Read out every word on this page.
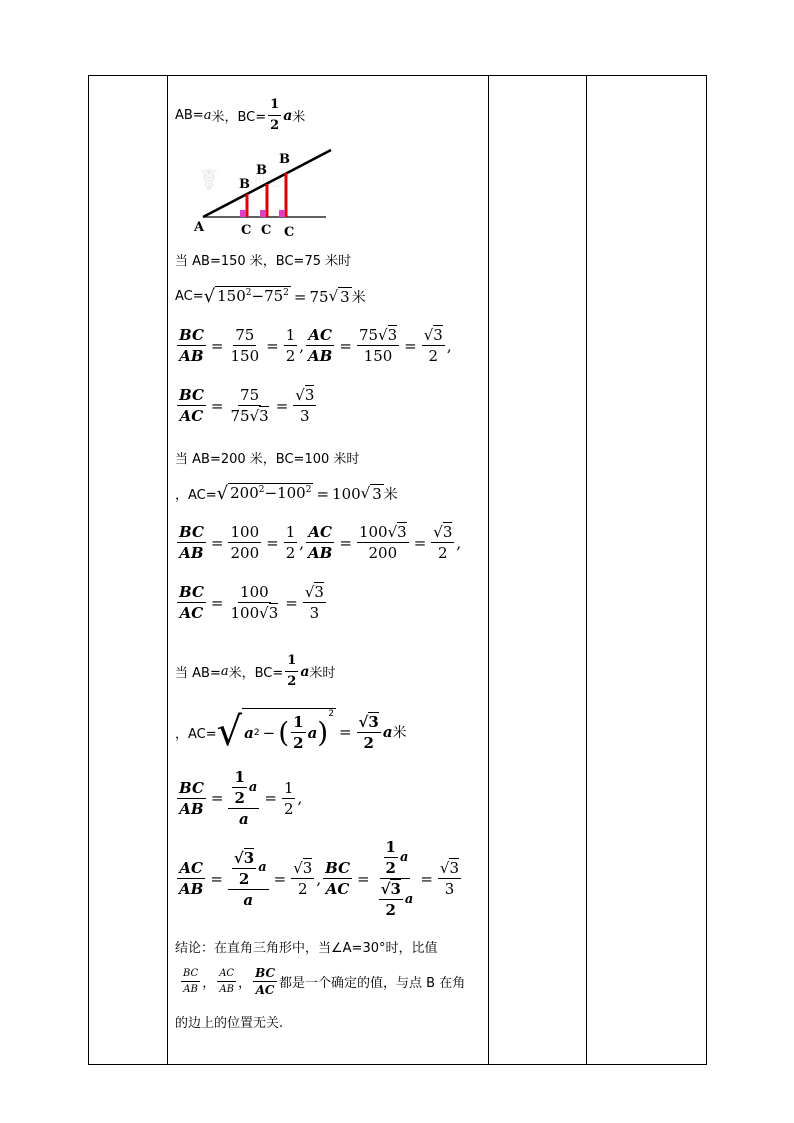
AB= a 米，$BC= \frac{1}{2}$ a 米
☤ 世纪
A
B
B
B
C C C
当 AB=150 米，BC=75 米时
AC= √ $150^2-75^2 = 75$ √ 3 米
$\frac{BC}{AB} = \frac{75}{150} = \frac{1}{2}$ , $\frac{AC}{AB} = \frac{75√3}{150} = \frac{√3}{2}$ ,
$\frac{BC}{AC} = \frac{75}{75√3} = \frac{√3}{3}$
当 AB=200 米，BC=100 米时
，AC= √ $200^2-100^2 = 100$ √ 3 米
$\frac{BC}{AB} = \frac{100}{200} = \frac{1}{2}$ , $\frac{AC}{AB} = \frac{100√3}{200} = \frac{√3}{2}$ ,
$\frac{BC}{AC} = \frac{100}{100√3} = \frac{√3}{3}$
当 AB= a 米，$BC= \frac{1}{2}$ a 米时
，AC= √ a 2 − ( $\frac{1}{2}$ a )
$^2$
= $\frac{√3}{2}$ a 米
$\frac{BC}{AB} = \frac{\frac{1}{2} a}{a} = \frac{1}{2}$ ,
$\frac{AC}{AB} = \frac{\frac{√3}{2} a}{a} = \frac{√3}{2}$ , $\frac{BC}{AC} = \frac{\frac{1}{2} a}{\frac{√3}{2} a} = \frac{√3}{3}$
结论：在直角三角形中，当∠A=30°时，比值
$\frac{BC}{AB}$ ， $\frac{AC}{AB}$ ， $\frac{BC}{AC}$ 都是一个确定的值，与点 B 在角
的边上的位置无关.
